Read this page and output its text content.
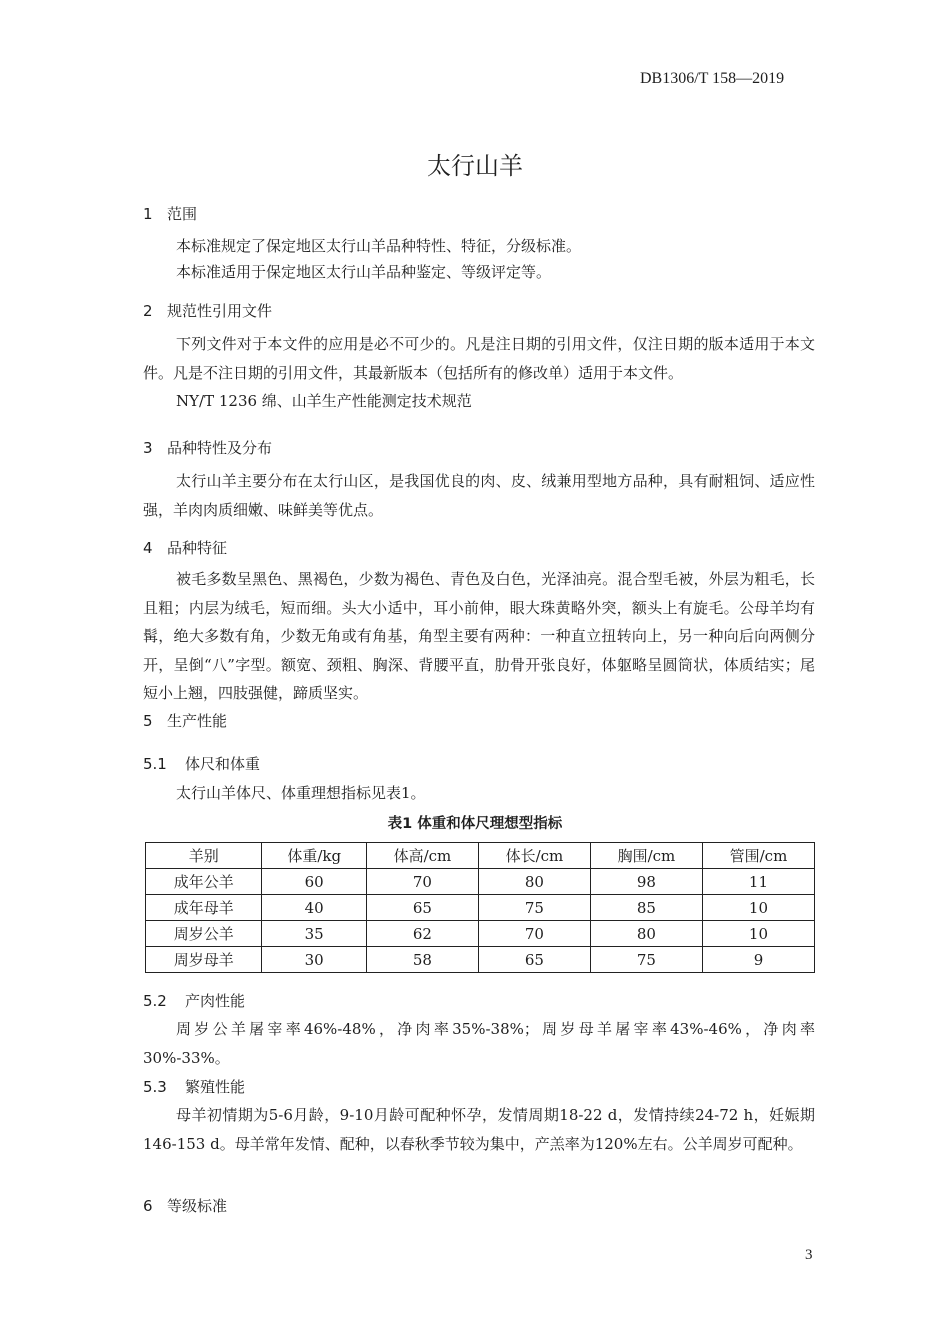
DB1306/T 158—2019
太行山羊
1 范围
本标准规定了保定地区太行山羊品种特性、特征，分级标准。
本标准适用于保定地区太行山羊品种鉴定、等级评定等。
2 规范性引用文件
下列文件对于本文件的应用是必不可少的。凡是注日期的引用文件，仅注日期的版本适用于本文件。凡是不注日期的引用文件，其最新版本（包括所有的修改单）适用于本文件。
NY/T 1236 绵、山羊生产性能测定技术规范
3 品种特性及分布
太行山羊主要分布在太行山区，是我国优良的肉、皮、绒兼用型地方品种，具有耐粗饲、适应性强，羊肉肉质细嫩、味鲜美等优点。
4 品种特征
被毛多数呈黑色、黑褐色，少数为褐色、青色及白色，光泽油亮。混合型毛被，外层为粗毛，长且粗；内层为绒毛，短而细。头大小适中，耳小前伸，眼大珠黄略外突，额头上有旋毛。公母羊均有髯，绝大多数有角，少数无角或有角基，角型主要有两种：一种直立扭转向上，另一种向后向两侧分开，呈倒“八”字型。额宽、颈粗、胸深、背腰平直，肋骨开张良好，体躯略呈圆筒状，体质结实；尾短小上翘，四肢强健，蹄质坚实。
5 生产性能
5.1 体尺和体重
太行山羊体尺、体重理想指标见表1。
表1 体重和体尺理想型指标
羊别	体重/kg	体高/cm	体长/cm	胸围/cm	管围/cm
成年公羊	60	70	80	98	11
成年母羊	40	65	75	85	10
周岁公羊	35	62	70	80	10
周岁母羊	30	58	65	75	9
5.2 产肉性能
周岁公羊屠宰率46%-48%，净肉率35%-38%；周岁母羊屠宰率43%-46%，净肉率30%-33%。
5.3 繁殖性能
母羊初情期为5-6月龄，9-10月龄可配种怀孕，发情周期18-22 d，发情持续24-72 h，妊娠期146-153 d。母羊常年发情、配种，以春秋季节较为集中，产羔率为120%左右。公羊周岁可配种。
6 等级标准
3
